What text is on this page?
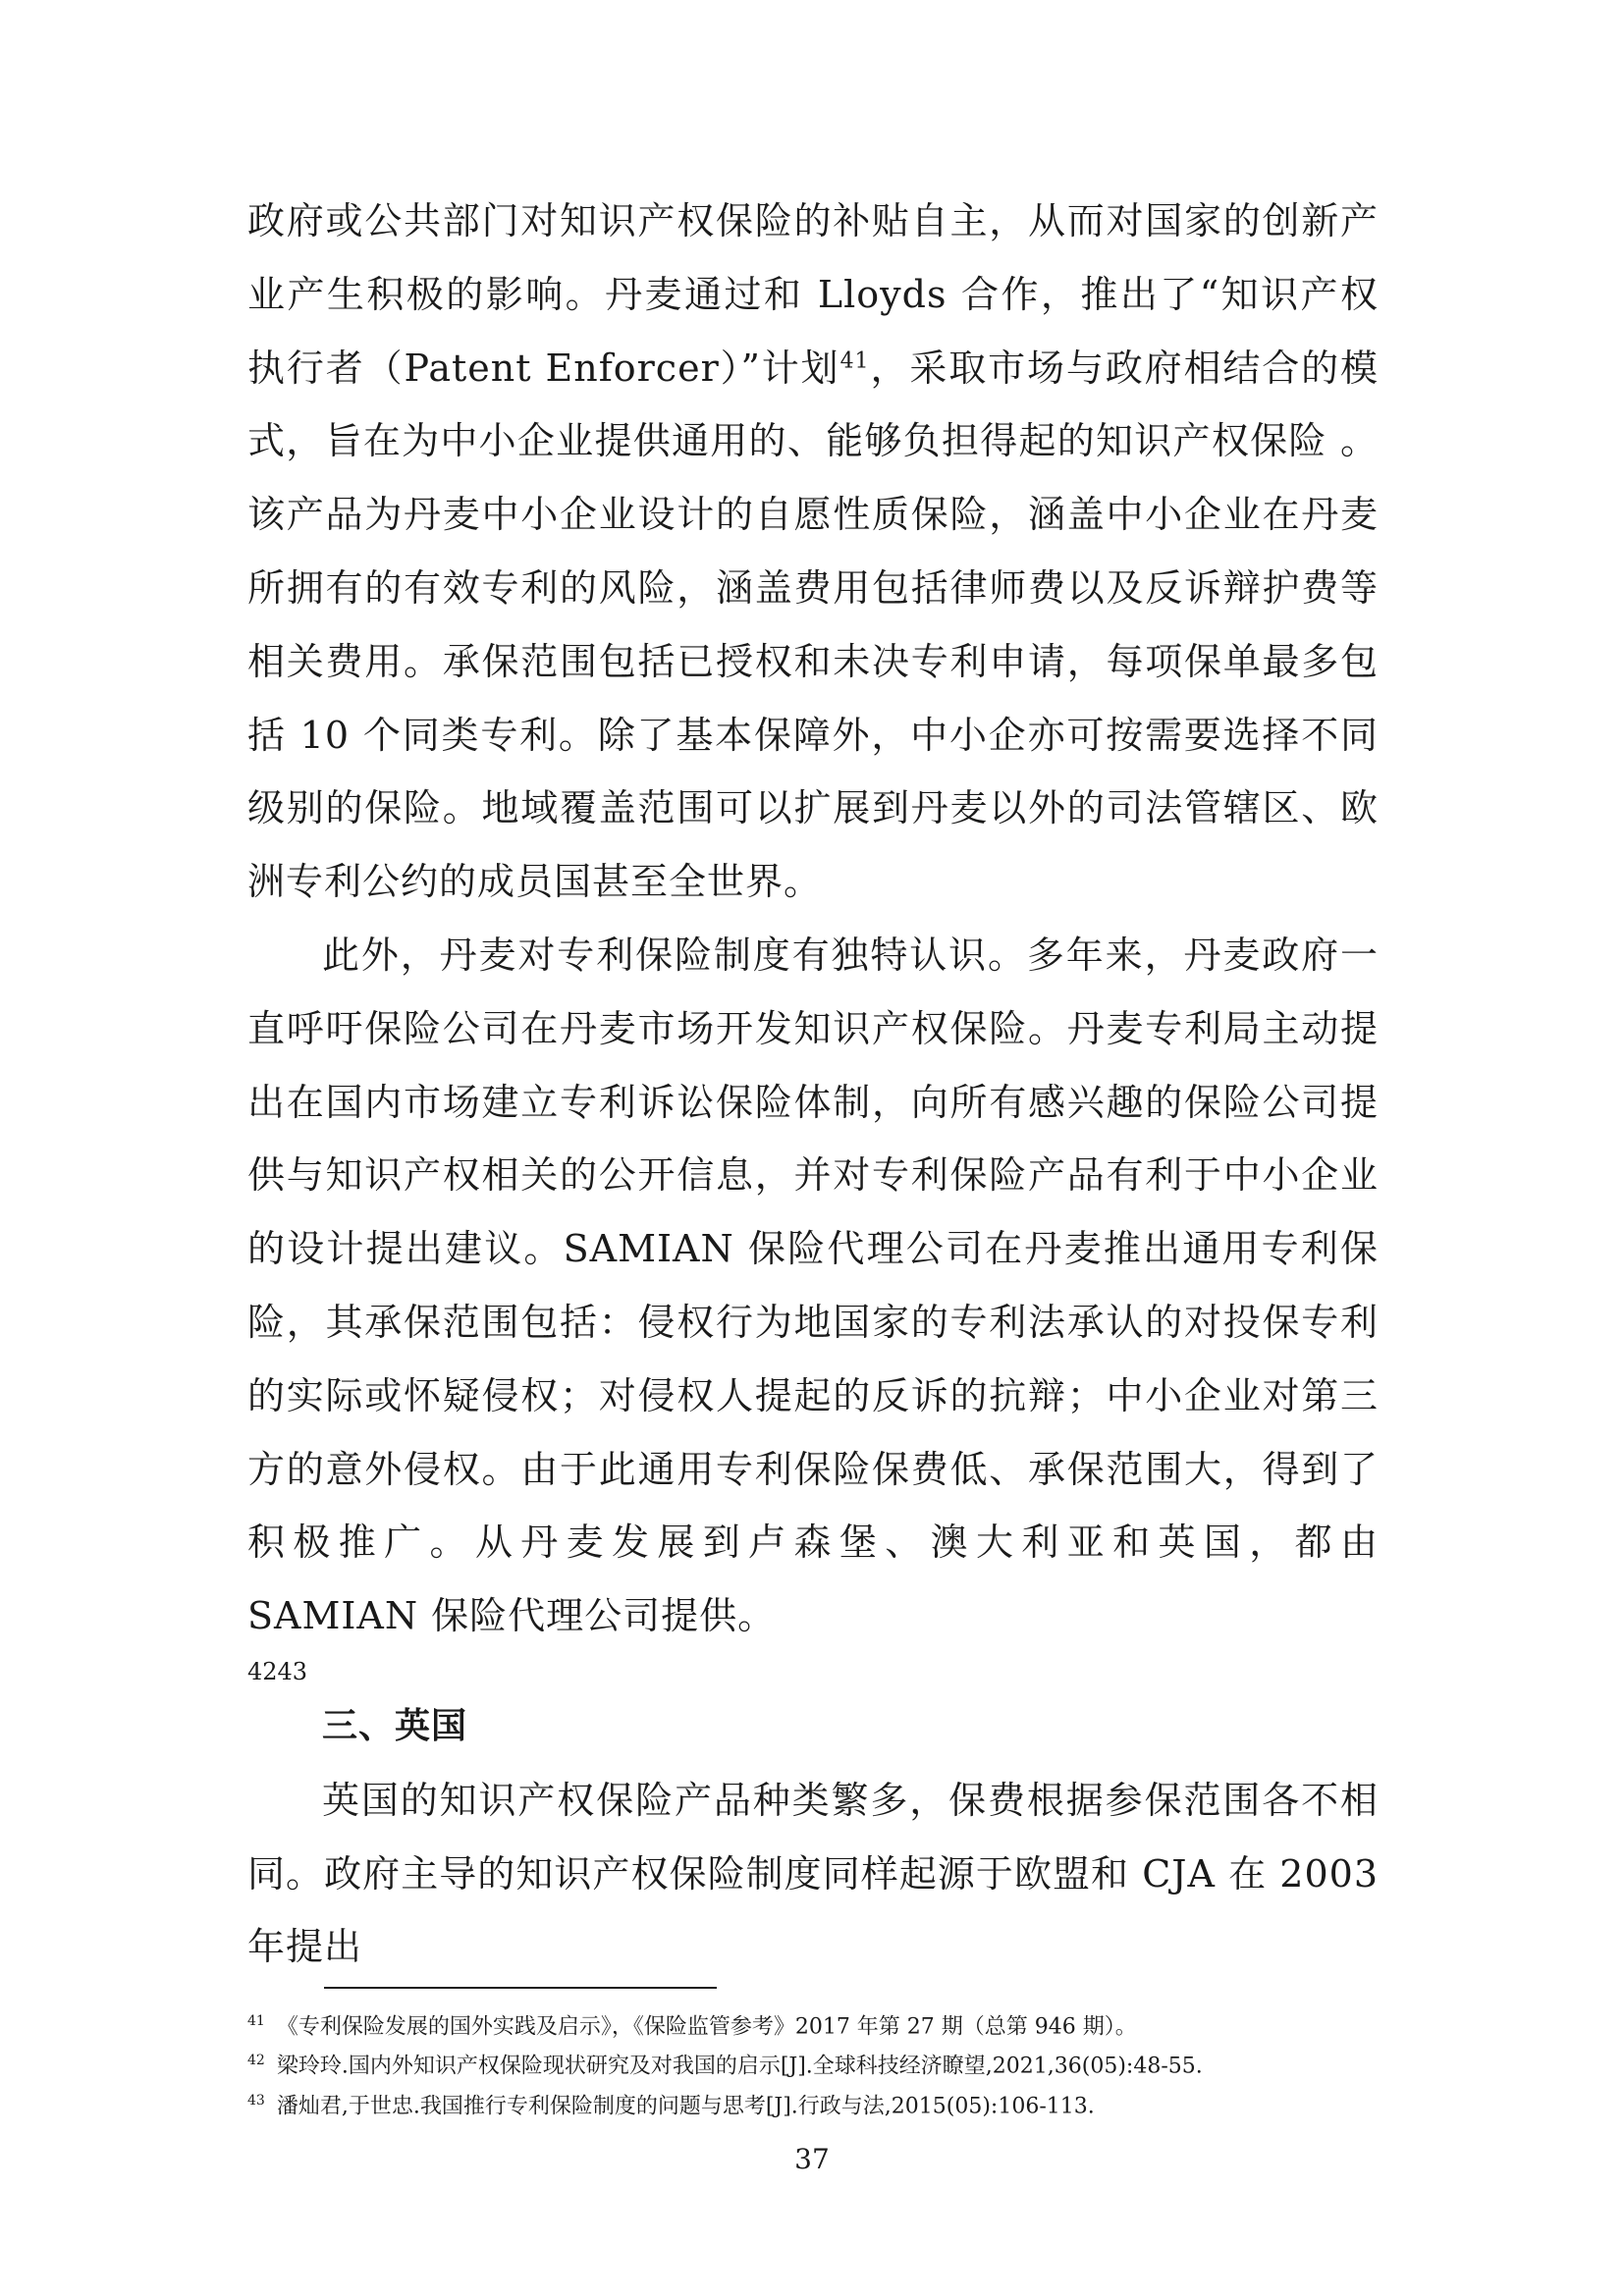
政府或公共部门对知识产权保险的补贴自主，从而对国家的创新产业产生积极的影响。丹麦通过和 Lloyds 合作，推出了“知识产权执行者（Patent Enforcer）”计划$^{41}$，采取市场与政府相结合的模式，旨在为中小企业提供通用的、能够负担得起的知识产权保险 。该产品为丹麦中小企业设计的自愿性质保险，涵盖中小企业在丹麦所拥有的有效专利的风险，涵盖费用包括律师费以及反诉辩护费等相关费用。承保范围包括已授权和未决专利申请，每项保单最多包括 10 个同类专利。除了基本保障外，中小企亦可按需要选择不同级别的保险。地域覆盖范围可以扩展到丹麦以外的司法管辖区、欧洲专利公约的成员国甚至全世界。

此外，丹麦对专利保险制度有独特认识。多年来，丹麦政府一直呼吁保险公司在丹麦市场开发知识产权保险。丹麦专利局主动提出在国内市场建立专利诉讼保险体制，向所有感兴趣的保险公司提供与知识产权相关的公开信息，并对专利保险产品有利于中小企业的设计提出建议。SAMIAN 保险代理公司在丹麦推出通用专利保险，其承保范围包括：侵权行为地国家的专利法承认的对投保专利的实际或怀疑侵权；对侵权人提起的反诉的抗辩；中小企业对第三方的意外侵权。由于此通用专利保险保费低、承保范围大，得到了积极推广。从丹麦发展到卢森堡、澳大利亚和英国，都由 SAMIAN 保险代理公司提供。

4243

三、英国

英国的知识产权保险产品种类繁多，保费根据参保范围各不相同。政府主导的知识产权保险制度同样起源于欧盟和 CJA 在 2003 年提出

$^{41}$ 《专利保险发展的国外实践及启示》，《保险监管参考》2017 年第 27 期（总第 946 期）。

$^{42}$ 梁玲玲.国内外知识产权保险现状研究及对我国的启示[J].全球科技经济瞭望,2021,36(05):48-55.

$^{43}$ 潘灿君,于世忠.我国推行专利保险制度的问题与思考[J].行政与法,2015(05):106-113.

37
